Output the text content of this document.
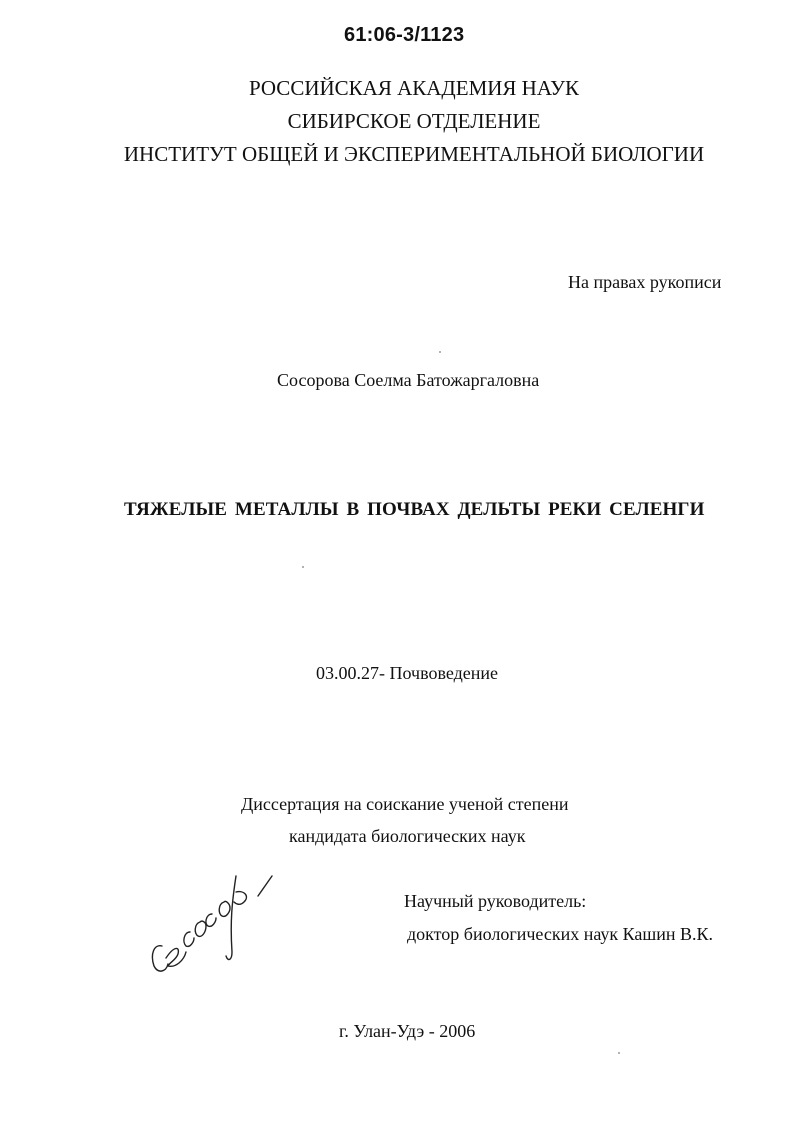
61:06-3/1123
РОССИЙСКАЯ АКАДЕМИЯ НАУК
СИБИРСКОЕ ОТДЕЛЕНИЕ
ИНСТИТУТ ОБЩЕЙ И ЭКСПЕРИМЕНТАЛЬНОЙ БИОЛОГИИ
На правах рукописи
Сосорова Соелма Батожаргаловна
ТЯЖЕЛЫЕ МЕТАЛЛЫ В ПОЧВАХ ДЕЛЬТЫ РЕКИ СЕЛЕНГИ
03.00.27- Почвоведение
Диссертация на соискание ученой степени
кандидата биологических наук
Научный руководитель:
доктор биологических наук Кашин В.К.
г. Улан-Удэ - 2006
